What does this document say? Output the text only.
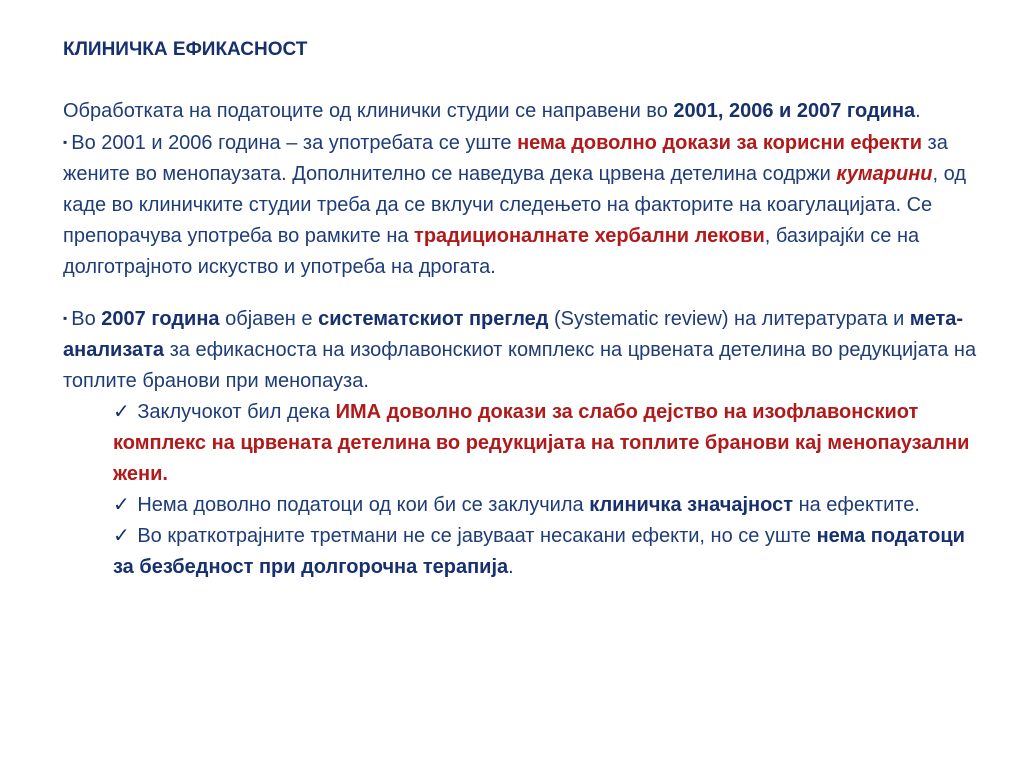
КЛИНИЧКА ЕФИКАСНОСТ

Обработката на податоците од клинички студии се направени во 2001, 2006 и 2007 година.

▪ Во 2001 и 2006 година – за употребата се уште нема доволно докази за корисни ефекти за жените во менопаузата. Дополнително се наведува дека црвена детелина содржи кумарини, од каде во клиничките студии треба да се вклучи следењето на факторите на коагулацијата. Се препорачува употреба во рамките на традиционалнате хербални лекови, базирајќи се на долготрајното искуство и употреба на дрогата.

▪ Во 2007 година објавен е систематскиот преглед (Systematic review) на литературата и мета-анализата за ефикасноста на изофлавонскиот комплекс на црвената детелина во редукцијата на топлите бранови при менопауза.

✓ Заклучокот бил дека ИМА доволно докази за слабо дејство на изофлавонскиот комплекс на црвената детелина во редукцијата на топлите бранови кај менопаузални жени.

✓ Нема доволно податоци од кои би се заклучила клиничка значајност на ефектите.

✓ Во краткотрајните третмани не се јавуваат несакани ефекти, но се уште нема податоци за безбедност при долгорочна терапија.
